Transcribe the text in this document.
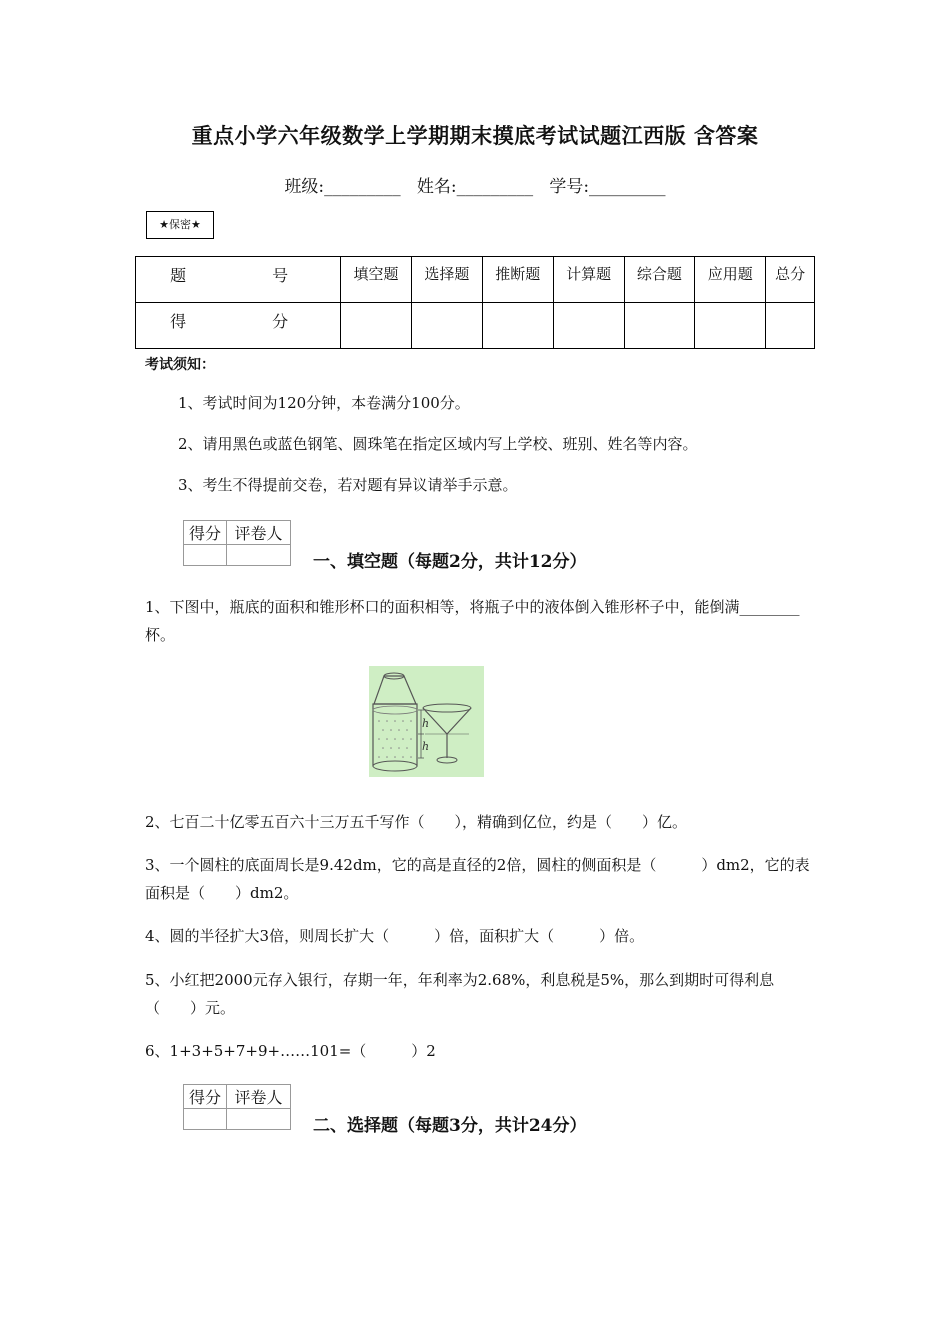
重点小学六年级数学上学期期末摸底考试试题江西版 含答案
班级:_________   姓名:_________   学号:_________
★保密★
题　　号	填空题	选择题	推断题	计算题	综合题	应用题	总分
得　　分							
考试须知：
1、考试时间为120分钟，本卷满分100分。
2、请用黑色或蓝色钢笔、圆珠笔在指定区域内写上学校、班别、姓名等内容。
3、考生不得提前交卷，若对题有异议请举手示意。
得分	评卷人

一、填空题（每题2分，共计12分）
1、下图中，瓶底的面积和锥形杯口的面积相等，将瓶子中的液体倒入锥形杯子中，能倒满________杯。
h
h
2、七百二十亿零五百六十三万五千写作（　　），精确到亿位，约是（　　）亿。
3、一个圆柱的底面周长是9.42dm，它的高是直径的2倍，圆柱的侧面积是（　　　）dm2，它的表面积是（　　）dm2。
4、圆的半径扩大3倍，则周长扩大（　　　）倍，面积扩大（　　　）倍。
5、小红把2000元存入银行，存期一年，年利率为2.68%，利息税是5%，那么到期时可得利息（　　）元。
6、1+3+5+7+9+……101=（　　　）2
得分	评卷人

二、选择题（每题3分，共计24分）
